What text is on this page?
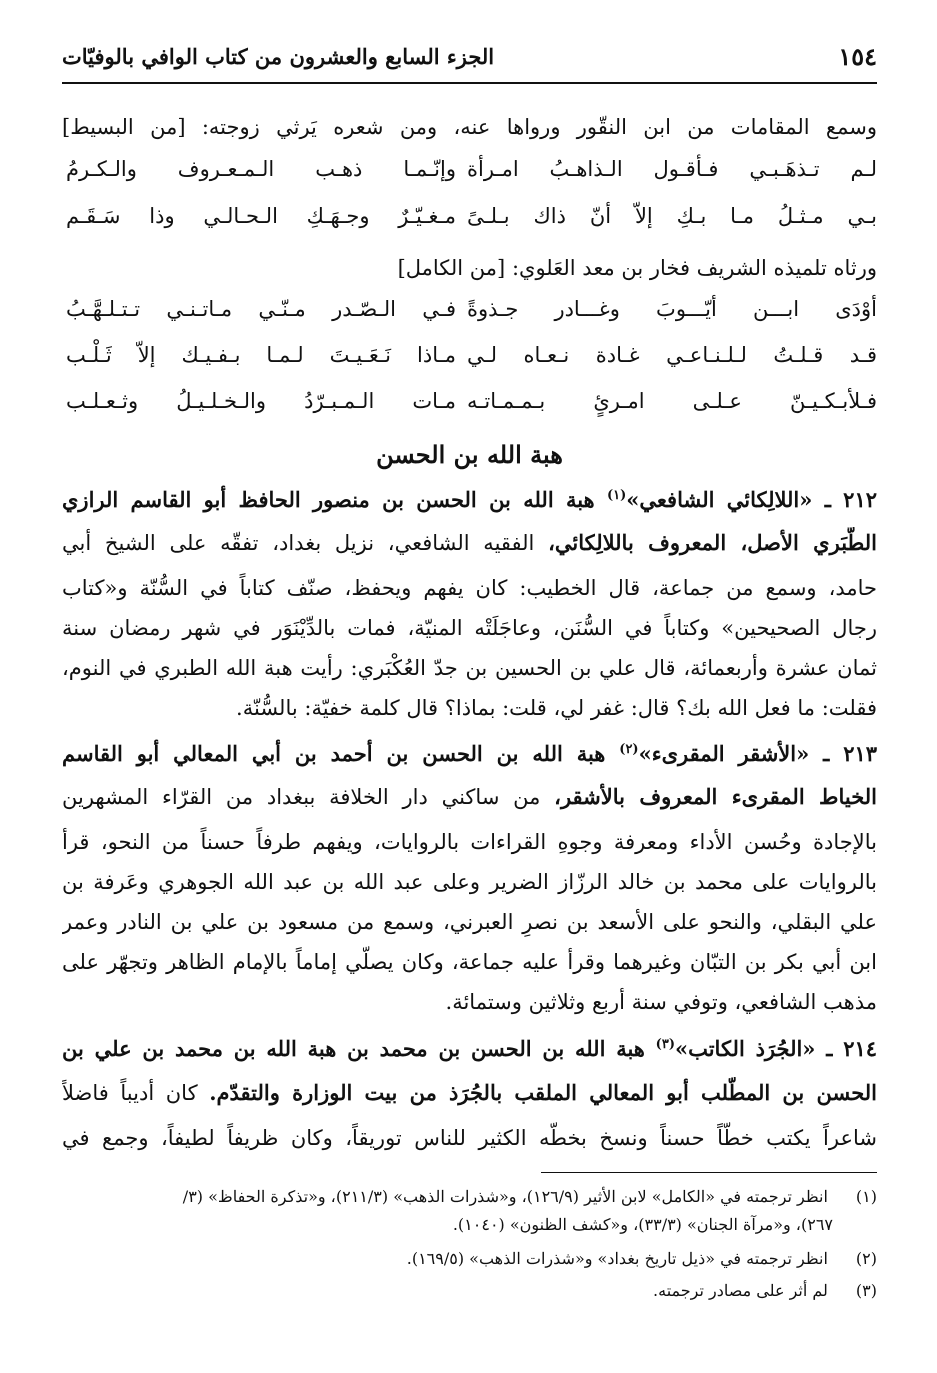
١٥٤
الجزء السابع والعشرون من كتاب الوافي بالوفيّات
وسمع المقامات من ابن النقّور ورواها عنه، ومن شعره يَرثي زوجته: [من البسيط]
لـم تـذهَـبـي فـأقـول الـذاهـبُ امـرأة
وإنّـمـا ذهـب الـمـعـروف والـكـرمُ
بـي مـثـلُ مـا بـكِ إلاّ أنّ ذاك بـلـىً
مـغـيّـرٌ وجـهَـكِ الـحـالـي وذا سَـقَـم
ورثاه تلميذه الشريف فخار بن معد العَلوي: [من الكامل]
أوْدَى ابـــن أيّـــوبَ وغـــادر جـذوةً
فـي الـصّـدر مـنّـي مـاتـنـي تـتـلـهَّـبُ
قـد قـلـتُ لـلـنـاعـي غـادة نـعـاه لـي
مـاذا نَـعَـيـتَ لـمـا بـفـيـك إلاّ ثَـلْـب
فـلأبـكـيـنّ عـلـى امـرئٍ بـمـمـاتـه
مـات الـمـبـرّدُ والـخـلـيـلُ وثـعـلـب
هبة الله بن الحسن
٢١٢ ـ «اللالِكائي الشافعي»$^{(١)}$ هبة الله بن الحسن بن منصور الحافظ أبو القاسم الرازي
الطَّبَري الأصل، المعروف باللالِكائي، الفقيه الشافعي، نزيل بغداد، تفقّه على الشيخ أبي
حامد، وسمع من جماعة، قال الخطيب: كان يفهم ويحفظ، صنّف كتاباً في السُّنّة و«كتاب
رجال الصحيحين» وكتاباً في السُّنَن، وعاجَلَتْه المنيّة، فمات بالدِّيْنَوَر في شهر رمضان سنة
ثمان عشرة وأربعمائة، قال علي بن الحسين بن جدّ العُكْبَري: رأيت هبة الله الطبري في النوم،
فقلت: ما فعل الله بك؟ قال: غفر لي، قلت: بماذا؟ قال كلمة خفيّة: بالسُّنّة.
٢١٣ ـ «الأشقر المقرىء»$^{(٢)}$ هبة الله بن الحسن بن أحمد بن أبي المعالي أبو القاسم
الخياط المقرىء المعروف بالأشقر، من ساكني دار الخلافة ببغداد من القرّاء المشهرين
بالإجادة وحُسن الأداء ومعرفة وجوهِ القراءات بالروايات، ويفهم طرفاً حسناً من النحو، قرأ
بالروايات على محمد بن خالد الرزّاز الضرير وعلى عبد الله بن عبد الله الجوهري وعَرفة بن
علي البقلي، والنحو على الأسعد بن نصرِ العبرني، وسمع من مسعود بن علي بن النادر وعمر
ابن أبي بكر بن التبّان وغيرهما وقرأ عليه جماعة، وكان يصلّي إماماً بالإمام الظاهر وتجهّر على
مذهب الشافعي، وتوفي سنة أربع وثلاثين وستمائة.
٢١٤ ـ «الجُرَذ الكاتب»$^{(٣)}$ هبة الله بن الحسن بن محمد بن هبة الله بن محمد بن علي بن
الحسن بن المطّلب أبو المعالي الملقب بالجُرَذ من بيت الوزارة والتقدّم. كان أديباً فاضلاً
شاعراً يكتب خطّاً حسناً ونسخ بخطّه الكثير للناس توريقاً، وكان ظريفاً لطيفاً، وجمع في
(١) انظر ترجمته في «الكامل» لابن الأثير (١٢٦/٩)، و«شذرات الذهب» (٢١١/٣)، و«تذكرة الحفاظ» (٣/
٢٦٧)، و«مرآة الجنان» (٣٣/٣)، و«كشف الظنون» (١٠٤٠).
(٢) انظر ترجمته في «ذيل تاريخ بغداد» و«شذرات الذهب» (١٦٩/٥).
(٣) لم أثر على مصادر ترجمته.
